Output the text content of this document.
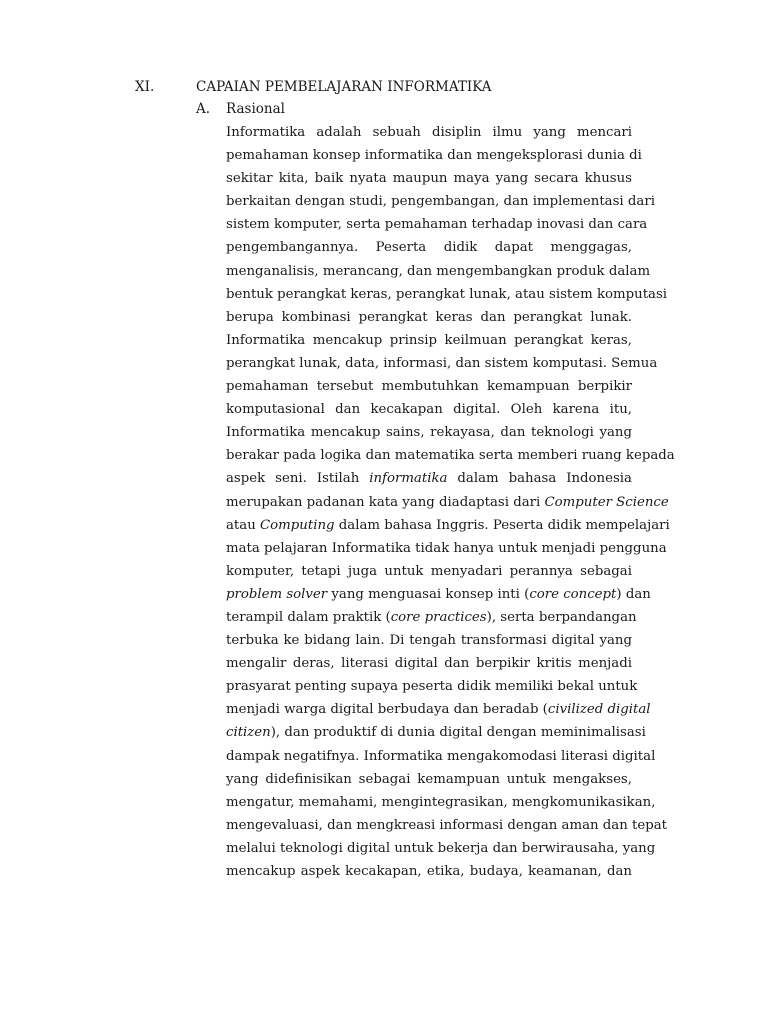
XI.	CAPAIAN PEMBELAJARAN INFORMATIKA
A. Rasional
Informatika adalah sebuah disiplin ilmu yang mencari
pemahaman konsep informatika dan mengeksplorasi dunia di
sekitar kita, baik nyata maupun maya yang secara khusus
berkaitan dengan studi, pengembangan, dan implementasi dari
sistem komputer, serta pemahaman terhadap inovasi dan cara
pengembangannya. Peserta didik dapat menggagas,
menganalisis, merancang, dan mengembangkan produk dalam
bentuk perangkat keras, perangkat lunak, atau sistem komputasi
berupa kombinasi perangkat keras dan perangkat lunak.
Informatika mencakup prinsip keilmuan perangkat keras,
perangkat lunak, data, informasi, dan sistem komputasi. Semua
pemahaman tersebut membutuhkan kemampuan berpikir
komputasional dan kecakapan digital. Oleh karena itu,
Informatika mencakup sains, rekayasa, dan teknologi yang
berakar pada logika dan matematika serta memberi ruang kepada
aspek seni. Istilah informatika dalam bahasa Indonesia
merupakan padanan kata yang diadaptasi dari Computer Science
atau Computing dalam bahasa Inggris. Peserta didik mempelajari
mata pelajaran Informatika tidak hanya untuk menjadi pengguna
komputer, tetapi juga untuk menyadari perannya sebagai
problem solver yang menguasai konsep inti (core concept) dan
terampil dalam praktik (core practices), serta berpandangan
terbuka ke bidang lain. Di tengah transformasi digital yang
mengalir deras, literasi digital dan berpikir kritis menjadi
prasyarat penting supaya peserta didik memiliki bekal untuk
menjadi warga digital berbudaya dan beradab (civilized digital
citizen), dan produktif di dunia digital dengan meminimalisasi
dampak negatifnya. Informatika mengakomodasi literasi digital
yang didefinisikan sebagai kemampuan untuk mengakses,
mengatur, memahami, mengintegrasikan, mengkomunikasikan,
mengevaluasi, dan mengkreasi informasi dengan aman dan tepat
melalui teknologi digital untuk bekerja dan berwirausaha, yang
mencakup aspek kecakapan, etika, budaya, keamanan, dan
